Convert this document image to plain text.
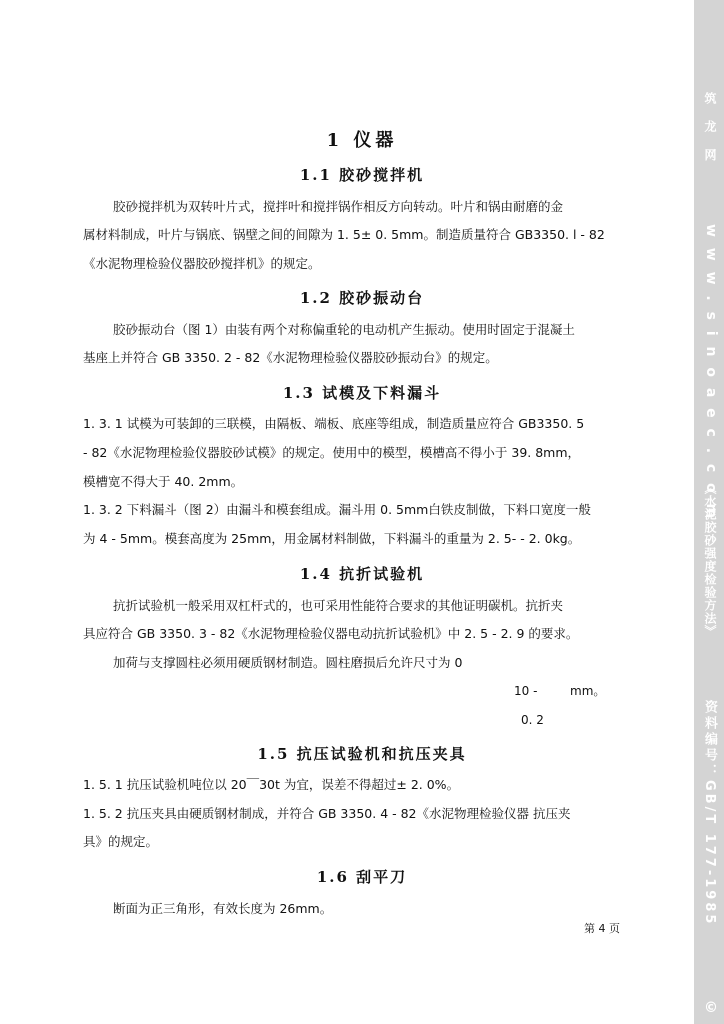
1 仪器
1.1 胶砂搅拌机
胶砂搅拌机为双转叶片式，搅拌叶和搅拌锅作相反方向转动。叶片和锅由耐磨的金
属材料制成，叶片与锅底、锅壁之间的间隙为 1. 5± 0. 5mm。制造质量符合 GB3350. l - 82
《水泥物理检验仪器胶砂搅拌机》的规定。
1.2 胶砂振动台
胶砂振动台（图 1）由装有两个对称偏重轮的电动机产生振动。使用时固定于混凝土
基座上并符合 GB 3350. 2 - 82《水泥物理检验仪器胶砂振动台》的规定。
1.3 试模及下料漏斗
1. 3. 1 试模为可装卸的三联模，由隔板、端板、底座等组成，制造质量应符合 GB3350. 5
- 82《水泥物理检验仪器胶砂试模》的规定。使用中的模型，模槽高不得小于 39. 8mm，
模槽宽不得大于 40. 2mm。
1. 3. 2 下料漏斗（图 2）由漏斗和模套组成。漏斗用 0. 5mm白铁皮制做，下料口宽度一般
为 4 - 5mm。模套高度为 25mm，用金属材料制做，下料漏斗的重量为 2. 5- - 2. 0kg。
1.4 抗折试验机
抗折试验机一般采用双杠杆式的，也可采用性能符合要求的其他证明碳机。抗折夹
具应符合 GB 3350. 3 - 82《水泥物理检验仪器电动抗折试验机》中 2. 5 - 2. 9 的要求。
加荷与支撑圆柱必须用硬质钢材制造。圆柱磨损后允许尺寸为 0
10 -	mm。
0. 2
1.5 抗压试验机和抗压夹具
1. 5. 1 抗压试验机吨位以 20￣30t 为宜，误差不得超过± 2. 0%。
1. 5. 2 抗压夹具由硬质钢材制成，并符合 GB 3350. 4 - 82《水泥物理检验仪器 抗压夹
具》的规定。
1.6 刮平刀
断面为正三角形，有效长度为 26mm。
第 4 页
筑 龙 网
w w w . s i n o a e c . c o m
《水泥胶砂强度检验方法》
资料编号：GB/T 177-1985
©
